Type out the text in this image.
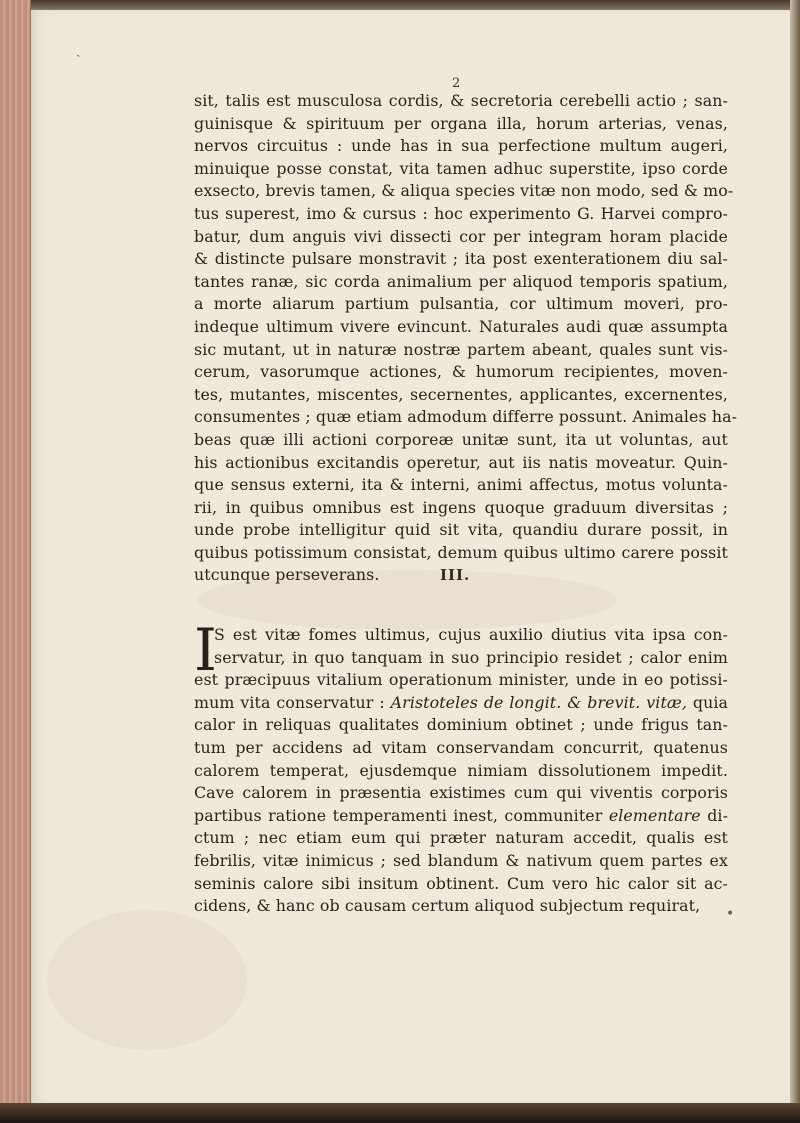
ˎ
2
sit, talis est musculosa cordis, & secretoria cerebelli actio ; san-
guinisque & spirituum per organa illa, horum arterias, venas,
nervos circuitus : unde has in sua perfectione multum augeri,
minuique posse constat, vita tamen adhuc superstite, ipso corde
exsecto, brevis tamen, & aliqua species vitæ non modo, sed & mo-
tus superest, imo & cursus : hoc experimento G. Harvei compro-
batur, dum anguis vivi dissecti cor per integram horam placide
& distincte pulsare monstravit ; ita post exenterationem diu sal-
tantes ranæ, sic corda animalium per aliquod temporis spatium,
a morte aliarum partium pulsantia, cor ultimum moveri, pro-
indeque ultimum vivere evincunt. Naturales audi quæ assumpta
sic mutant, ut in naturæ nostræ partem abeant, quales sunt vis-
cerum, vasorumque actiones, & humorum recipientes, moven-
tes, mutantes, miscentes, secernentes, applicantes, excernentes,
consumentes ; quæ etiam admodum differre possunt. Animales ha-
beas quæ illi actioni corporeæ unitæ sunt, ita ut voluntas, aut
his actionibus excitandis operetur, aut iis natis moveatur. Quin-
que sensus externi, ita & interni, animi affectus, motus volunta-
rii, in quibus omnibus est ingens quoque graduum diversitas ;
unde probe intelligitur quid sit vita, quandiu durare possit, in
quibus potissimum consistat, demum quibus ultimo carere possit
utcunque perseverans.	III.
I
S est vitæ fomes ultimus, cujus auxilio diutius vita ipsa con-
servatur, in quo tanquam in suo principio residet ; calor enim
est præcipuus vitalium operationum minister, unde in eo potissi-
mum vita conservatur : Aristoteles de longit. & brevit. vitæ, quia
calor in reliquas qualitates dominium obtinet ; unde frigus tan-
tum per accidens ad vitam conservandam concurrit, quatenus
calorem temperat, ejusdemque nimiam dissolutionem impedit.
Cave calorem in præsentia existimes cum qui viventis corporis
partibus ratione temperamenti inest, communiter elementare di-
ctum ; nec etiam eum qui præter naturam accedit, qualis est
febrilis, vitæ inimicus ; sed blandum & nativum quem partes ex
seminis calore sibi insitum obtinent. Cum vero hic calor sit ac-
cidens, & hanc ob causam certum aliquod subjectum requirat,	•
